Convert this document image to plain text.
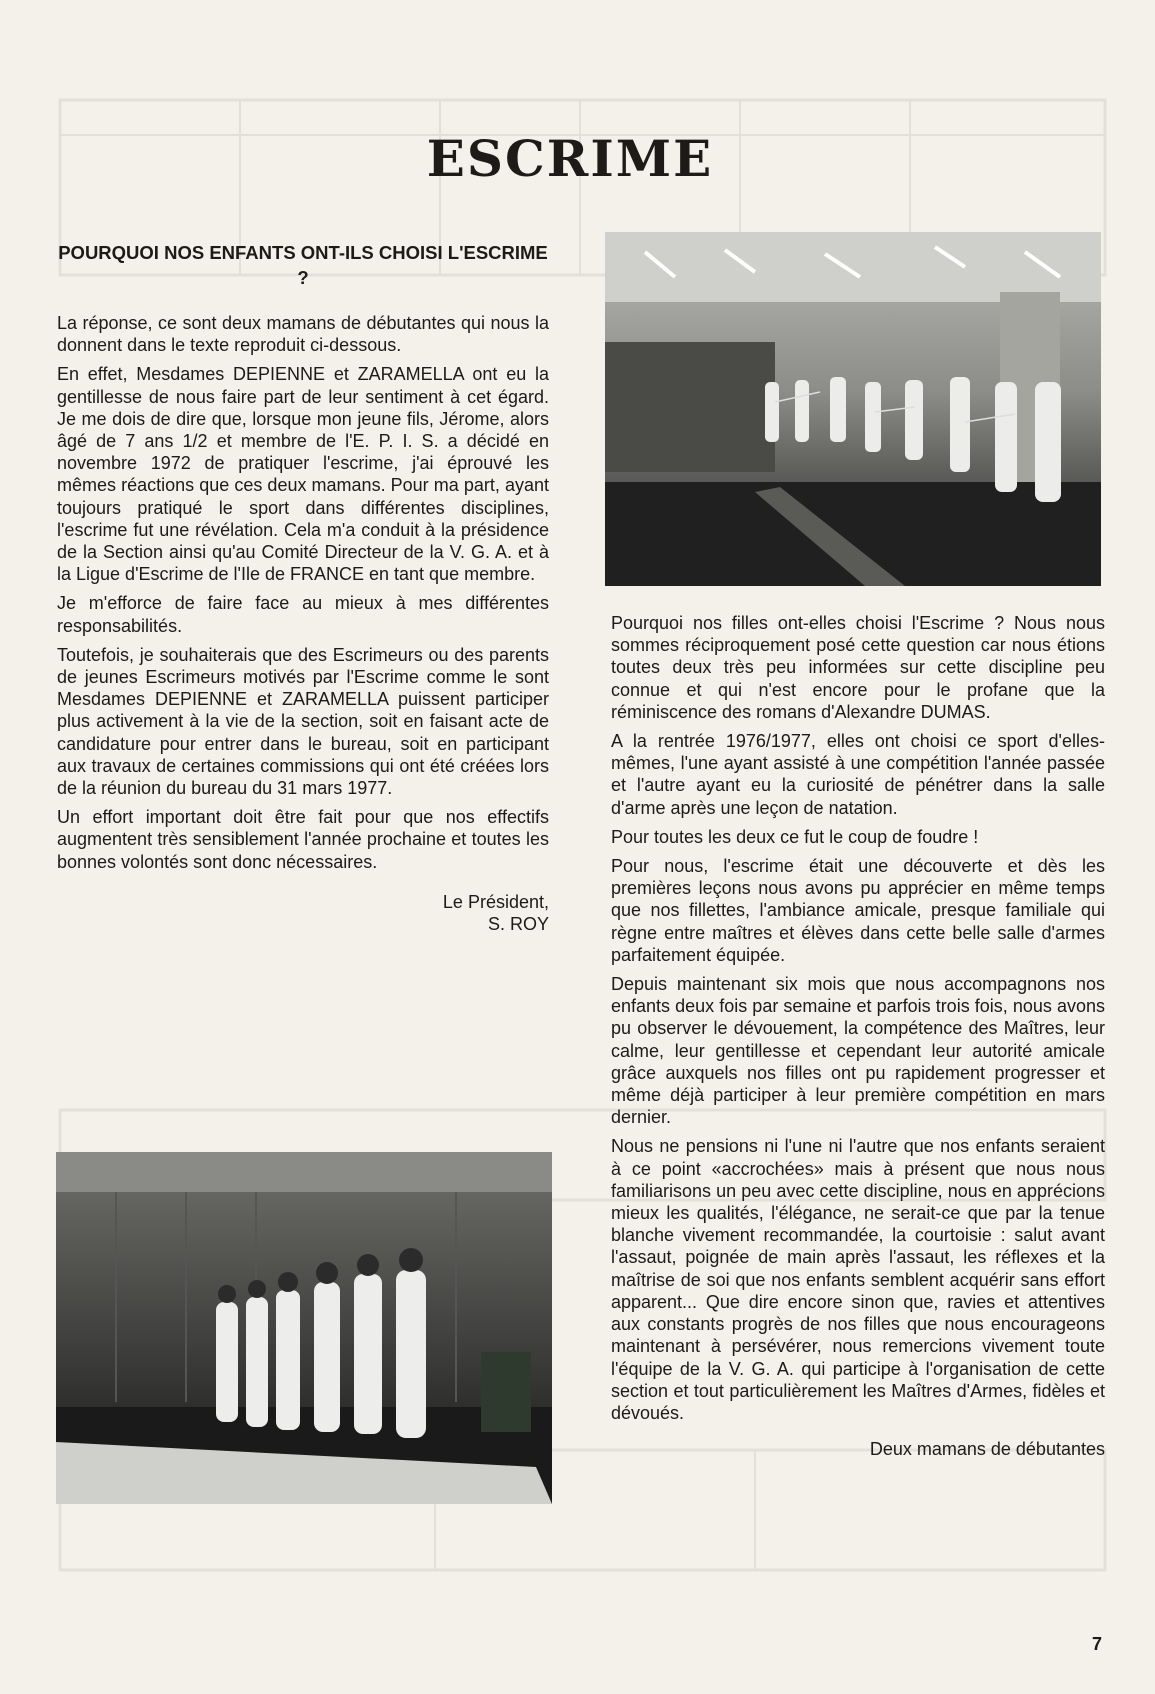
ESCRIME
POURQUOI NOS ENFANTS ONT-ILS CHOISI L'ESCRIME ?

La réponse, ce sont deux mamans de débutantes qui nous la donnent dans le texte reproduit ci-dessous.

En effet, Mesdames DEPIENNE et ZARAMELLA ont eu la gentillesse de nous faire part de leur sentiment à cet égard. Je me dois de dire que, lorsque mon jeune fils, Jérome, alors âgé de 7 ans 1/2 et membre de l'E. P. I. S. a décidé en novembre 1972 de pratiquer l'escrime, j'ai éprouvé les mêmes réactions que ces deux mamans. Pour ma part, ayant toujours pratiqué le sport dans différentes disciplines, l'escrime fut une révélation. Cela m'a conduit à la présidence de la Section ainsi qu'au Comité Directeur de la V. G. A. et à la Ligue d'Escrime de l'Ile de FRANCE en tant que membre.

Je m'efforce de faire face au mieux à mes différentes responsabilités.

Toutefois, je souhaiterais que des Escrimeurs ou des parents de jeunes Escrimeurs motivés par l'Escrime comme le sont Mesdames DEPIENNE et ZARAMELLA puissent participer plus activement à la vie de la section, soit en faisant acte de candidature pour entrer dans le bureau, soit en participant aux travaux de certaines commissions qui ont été créées lors de la réunion du bureau du 31 mars 1977.

Un effort important doit être fait pour que nos effectifs augmentent très sensiblement l'année prochaine et toutes les bonnes volontés sont donc nécessaires.

Le Président,
S. ROY

Pourquoi nos filles ont-elles choisi l'Escrime ? Nous nous sommes réciproquement posé cette question car nous étions toutes deux très peu informées sur cette discipline peu connue et qui n'est encore pour le profane que la réminiscence des romans d'Alexandre DUMAS.

A la rentrée 1976/1977, elles ont choisi ce sport d'elles-mêmes, l'une ayant assisté à une compétition l'année passée et l'autre ayant eu la curiosité de pénétrer dans la salle d'arme après une leçon de natation.

Pour toutes les deux ce fut le coup de foudre !

Pour nous, l'escrime était une découverte et dès les premières leçons nous avons pu apprécier en même temps que nos fillettes, l'ambiance amicale, presque familiale qui règne entre maîtres et élèves dans cette belle salle d'armes parfaitement équipée.

Depuis maintenant six mois que nous accompagnons nos enfants deux fois par semaine et parfois trois fois, nous avons pu observer le dévouement, la compétence des Maîtres, leur calme, leur gentillesse et cependant leur autorité amicale grâce auxquels nos filles ont pu rapidement progresser et même déjà participer à leur première compétition en mars dernier.

Nous ne pensions ni l'une ni l'autre que nos enfants seraient à ce point «accrochées» mais à présent que nous nous familiarisons un peu avec cette discipline, nous en apprécions mieux les qualités, l'élégance, ne serait-ce que par la tenue blanche vivement recommandée, la courtoisie : salut avant l'assaut, poignée de main après l'assaut, les réflexes et la maîtrise de soi que nos enfants semblent acquérir sans effort apparent... Que dire encore sinon que, ravies et attentives aux constants progrès de nos filles que nous encourageons maintenant à persévérer, nous remercions vivement toute l'équipe de la V. G. A. qui participe à l'organisation de cette section et tout particulièrement les Maîtres d'Armes, fidèles et dévoués.

Deux mamans de débutantes
7
